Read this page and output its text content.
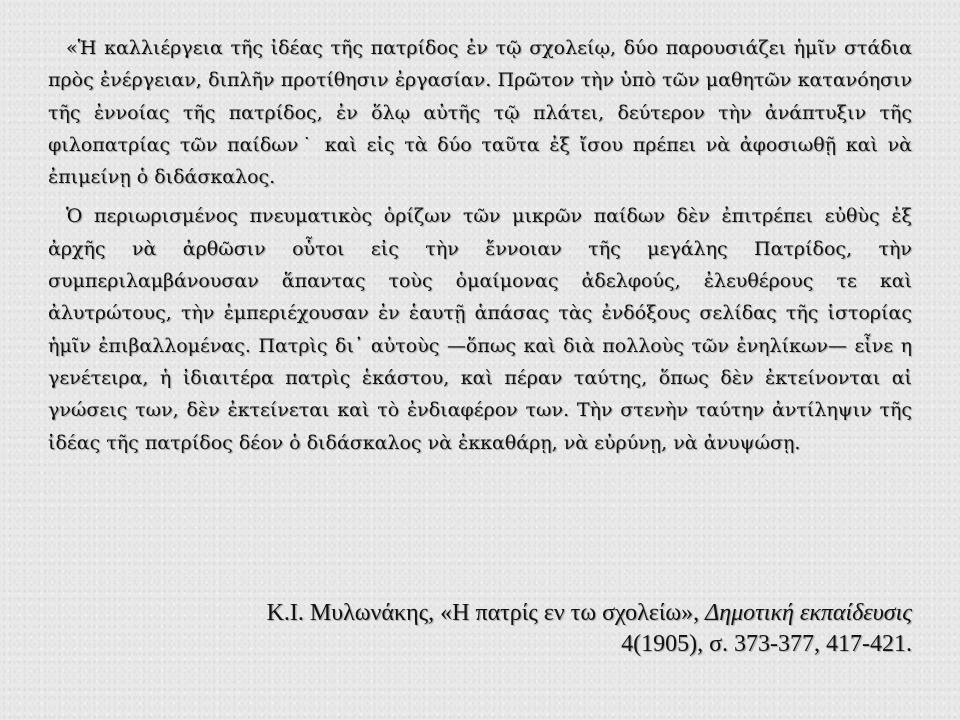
«Ἡ καλλιέργεια τῆς ἰδέας τῆς πατρίδος ἐν τῷ σχολείῳ, δύο παρουσιάζει ἡμῖν στάδια πρὸς ἐνέργειαν, διπλῆν προτίθησιν ἐργασίαν. Πρῶτον τὴν ὑπὸ τῶν μαθητῶν κατανόησιν τῆς ἐννοίας τῆς πατρίδος, ἐν ὅλῳ αὐτῆς τῷ πλάτει, δεύτερον τὴν ἀνάπτυξιν τῆς φιλοπατρίας τῶν παίδων˙ καὶ εἰς τὰ δύο ταῦτα ἐξ ἴσου πρέπει νὰ ἀφοσιωθῇ καὶ νὰ ἐπιμείνῃ ὁ διδάσκαλος.

Ὁ περιωρισμένος πνευματικὸς ὁρίζων τῶν μικρῶν παίδων δὲν ἐπιτρέπει εὐθὺς ἐξ ἀρχῆς νὰ ἀρθῶσιν οὗτοι εἰς τὴν ἔννοιαν τῆς μεγάλης Πατρίδος, τὴν συμπεριλαμβάνουσαν ἅπαντας τοὺς ὁμαίμονας ἀδελφούς, ἐλευθέρους τε καὶ ἀλυτρώτους, τὴν ἐμπεριέχουσαν ἐν ἑαυτῇ ἁπάσας τὰς ἐνδόξους σελίδας τῆς ἱστορίας ἡμῖν ἐπιβαλλομένας. Πατρὶς δι᾽ αὐτοὺς —ὅπως καὶ διὰ πολλοὺς τῶν ἐνηλίκων— εἶνε η γενέτειρα, ἡ ἰδιαιτέρα πατρὶς ἑκάστου, καὶ πέραν ταύτης, ὅπως δὲν ἐκτείνονται αἱ γνώσεις των, δὲν ἐκτείνεται καὶ τὸ ἐνδιαφέρον των. Τὴν στενὴν ταύτην ἀντίληψιν τῆς ἰδέας τῆς πατρίδος δέον ὁ διδάσκαλος νὰ ἐκκαθάρῃ, νὰ εὐρύνῃ, νὰ ἀνυψώσῃ.

Κ.Ι. Μυλωνάκης, «Η πατρίς εν τω σχολείω», Δημοτική εκπαίδευσις
4(1905), σ. 373-377, 417-421.
